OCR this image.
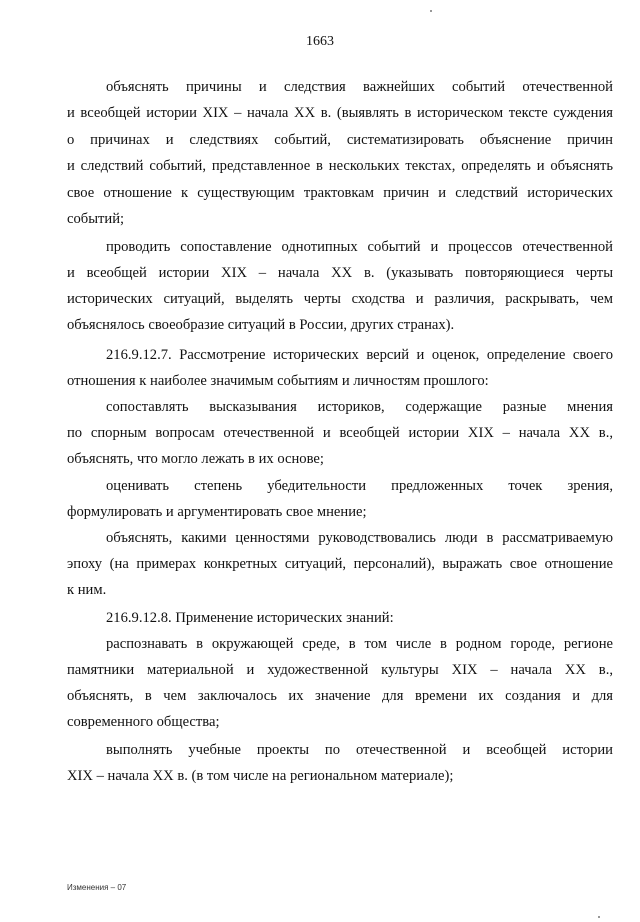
1663
объяснять причины и следствия важнейших событий отечественной
и всеобщей истории XIX – начала XX в. (выявлять в историческом тексте суждения
о причинах и следствиях событий, систематизировать объяснение причин
и следствий событий, представленное в нескольких текстах, определять и объяснять
свое отношение к существующим трактовкам причин и следствий исторических
событий;
проводить сопоставление однотипных событий и процессов отечественной
и всеобщей истории XIX – начала XX в. (указывать повторяющиеся черты
исторических ситуаций, выделять черты сходства и различия, раскрывать, чем
объяснялось своеобразие ситуаций в России, других странах).
216.9.12.7. Рассмотрение исторических версий и оценок, определение своего
отношения к наиболее значимым событиям и личностям прошлого:
сопоставлять высказывания историков, содержащие разные мнения
по спорным вопросам отечественной и всеобщей истории XIX – начала XX в.,
объяснять, что могло лежать в их основе;
оценивать степень убедительности предложенных точек зрения,
формулировать и аргументировать свое мнение;
объяснять, какими ценностями руководствовались люди в рассматриваемую
эпоху (на примерах конкретных ситуаций, персоналий), выражать свое отношение
к ним.
216.9.12.8. Применение исторических знаний:
распознавать в окружающей среде, в том числе в родном городе, регионе
памятники материальной и художественной культуры XIX – начала XX в.,
объяснять, в чем заключалось их значение для времени их создания и для
современного общества;
выполнять учебные проекты по отечественной и всеобщей истории
XIX – начала XX в. (в том числе на региональном материале);
Изменения – 07
